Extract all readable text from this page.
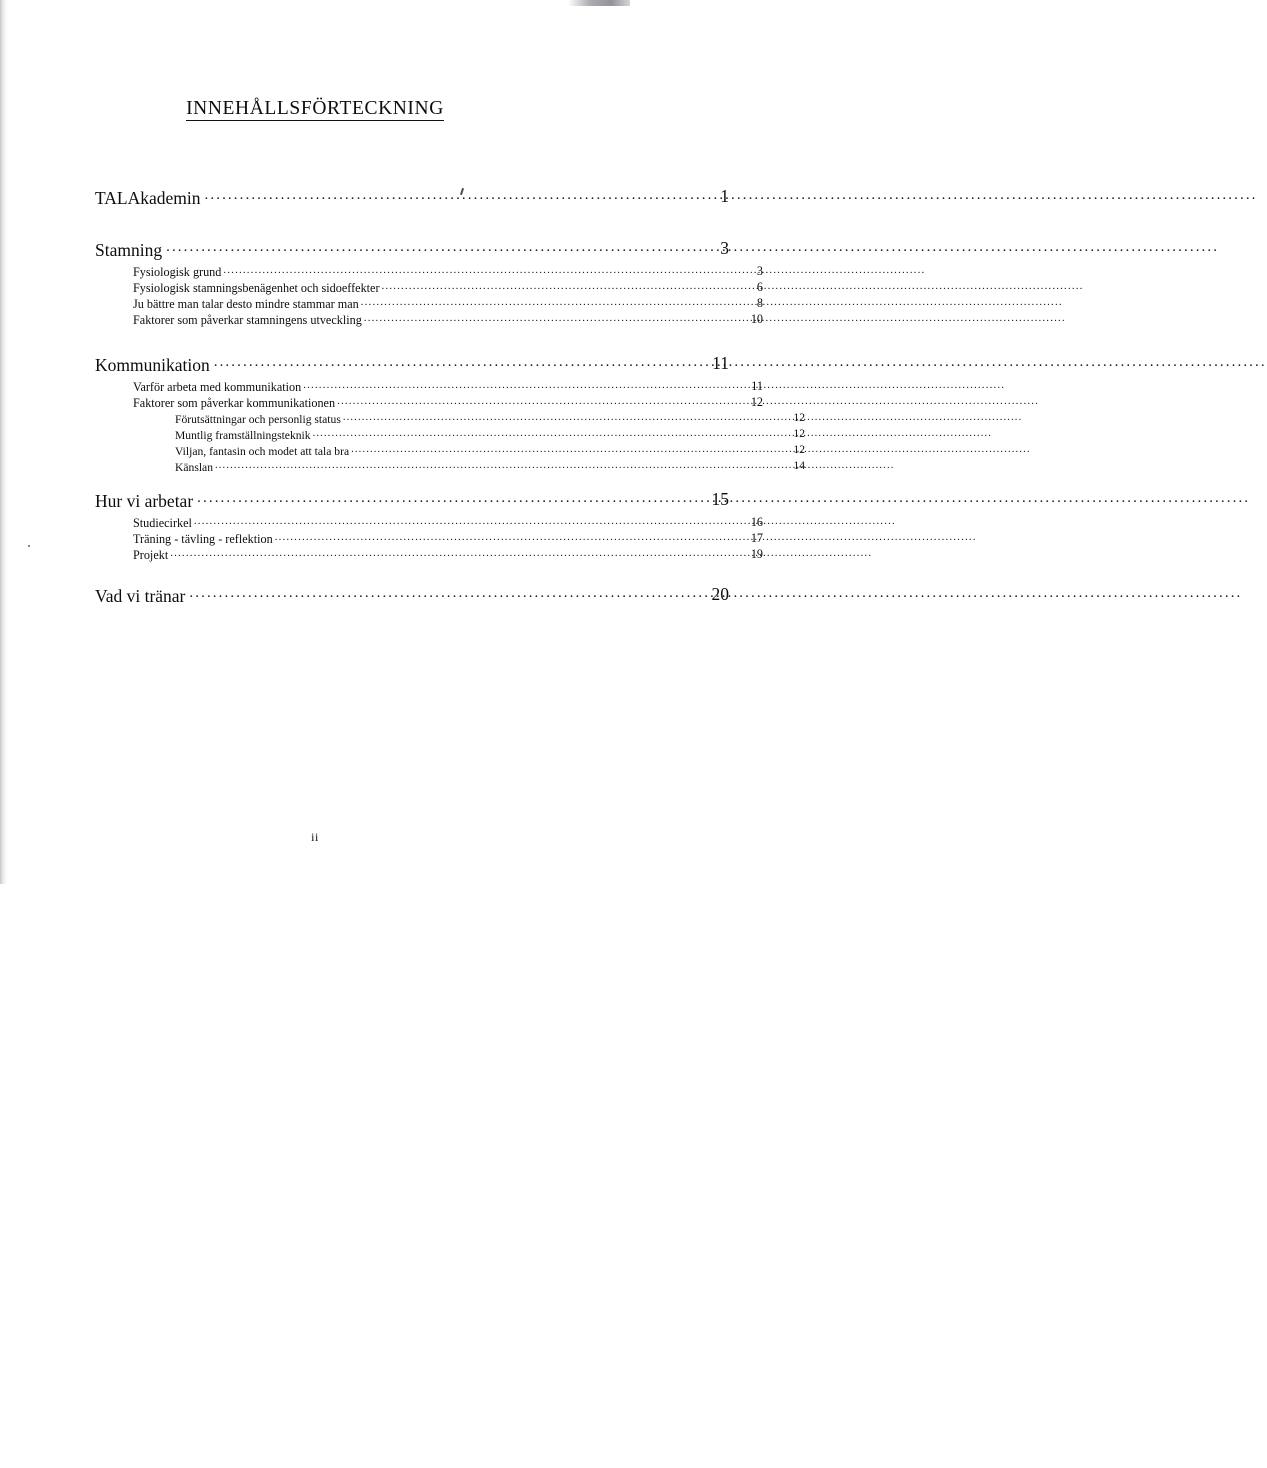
INNEHÅLLSFÖRTECKNING
TALAkademin .....	1
Stamning .....	3
Fysiologisk grund .....	3
Fysiologisk stamningsbenägenhet och sidoeffekter .....	6
Ju bättre man talar desto mindre stammar man .....	8
Faktorer som påverkar stamningens utveckling .....	10
Kommunikation .....	11
Varför arbeta med kommunikation .....	11
Faktorer som påverkar kommunikationen .....	12
Förutsättningar och personlig status .....	12
Muntlig framställningsteknik .....	12
Viljan, fantasin och modet att tala bra .....	12
Känslan .....	14
Hur vi arbetar .....	15
Studiecirkel .....	16
Träning - tävling - reflektion .....	17
Projekt .....	19
Vad vi tränar .....	20
ii
